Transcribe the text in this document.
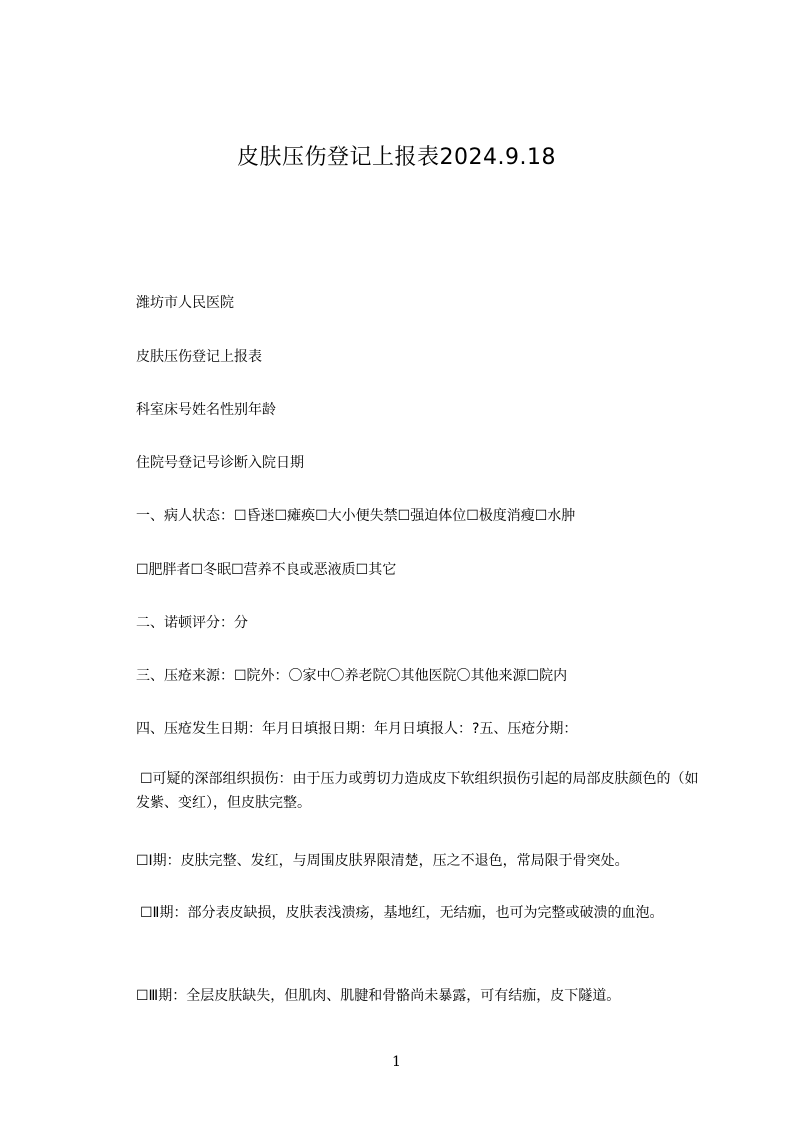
皮肤压伤登记上报表2024.9.18
潍坊市人民医院
皮肤压伤登记上报表
科室床号姓名性别年龄
住院号登记号诊断入院日期
一、病人状态：☐昏迷☐瘫痪☐大小便失禁☐强迫体位☐极度消瘦☐水肿
☐肥胖者☐冬眠☐营养不良或恶液质☐其它
二、诺顿评分：分
三、压疮来源：☐院外：〇家中〇养老院〇其他医院〇其他来源☐院内
四、压疮发生日期：年月日填报日期：年月日填报人：?五、压疮分期：
☐可疑的深部组织损伤：由于压力或剪切力造成皮下软组织损伤引起的局部皮肤颜色的（如发紫、变红），但皮肤完整。
☐Ⅰ期：皮肤完整、发红，与周围皮肤界限清楚，压之不退色，常局限于骨突处。
☐Ⅱ期：部分表皮缺损，皮肤表浅溃疡，基地红，无结痂，也可为完整或破溃的血泡。
☐Ⅲ期：全层皮肤缺失，但肌肉、肌腱和骨骼尚未暴露，可有结痂，皮下隧道。
1
